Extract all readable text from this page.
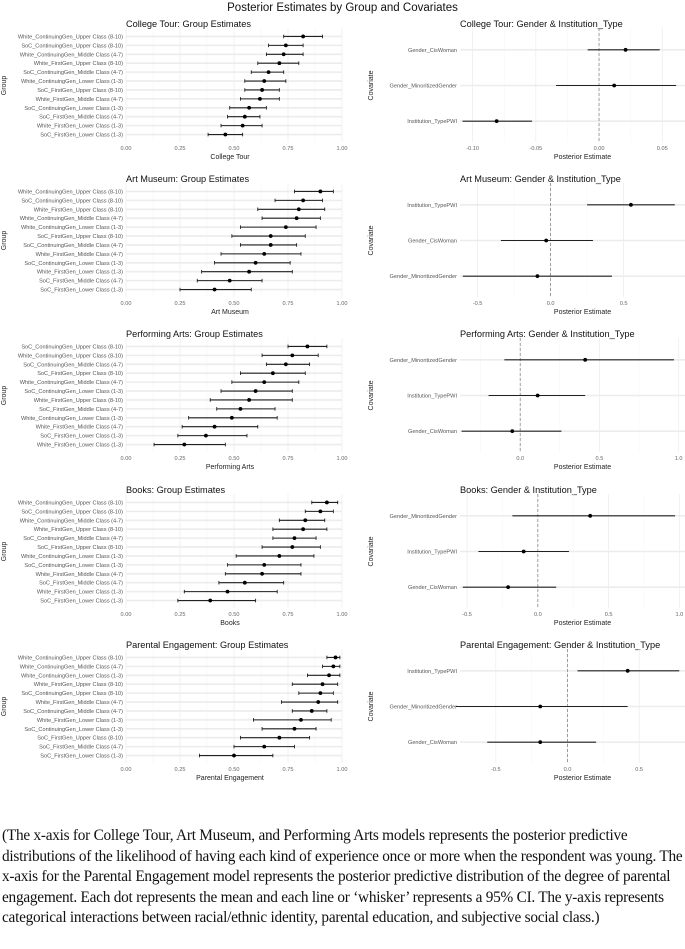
Posterior Estimates by Group and Covariates
College Tour: Group Estimates
0.00	0.25	0.50	0.75	1.00
White_ContinuingGen_Upper Class (8-10)
SoC_ContinuingGen_Upper Class (8-10)
White_ContinuingGen_Middle Class (4-7)
White_FirstGen_Upper Class (8-10)
SoC_ContinuingGen_Middle Class (4-7)
White_ContinuingGen_Lower Class (1-3)
SoC_FirstGen_Upper Class (8-10)
White_FirstGen_Middle Class (4-7)
SoC_ContinuingGen_Lower Class (1-3)
SoC_FirstGen_Middle Class (4-7)
White_FirstGen_Lower Class (1-3)
SoC_FirstGen_Lower Class (1-3)
College Tour
Group
College Tour: Gender & Institution_Type
-0.10	-0.05	0.00	0.05
Gender_CisWoman
Gender_MinoritizedGender
Institution_TypePWI
Posterior Estimate
Covariate
Art Museum: Group Estimates
0.00	0.25	0.50	0.75	1.00
White_ContinuingGen_Upper Class (8-10)
SoC_ContinuingGen_Upper Class (8-10)
White_FirstGen_Upper Class (8-10)
White_ContinuingGen_Middle Class (4-7)
White_ContinuingGen_Lower Class (1-3)
SoC_FirstGen_Upper Class (8-10)
SoC_ContinuingGen_Middle Class (4-7)
White_FirstGen_Middle Class (4-7)
SoC_ContinuingGen_Lower Class (1-3)
White_FirstGen_Lower Class (1-3)
SoC_FirstGen_Middle Class (4-7)
SoC_FirstGen_Lower Class (1-3)
Art Museum
Group
Art Museum: Gender & Institution_Type
-0.5	0.0	0.5
Institution_TypePWI
Gender_CisWoman
Gender_MinoritizedGender
Posterior Estimate
Covariate
Performing Arts: Group Estimates
0.00	0.25	0.50	0.75	1.00
SoC_ContinuingGen_Upper Class (8-10)
White_ContinuingGen_Upper Class (8-10)
SoC_ContinuingGen_Middle Class (4-7)
SoC_FirstGen_Upper Class (8-10)
White_ContinuingGen_Middle Class (4-7)
SoC_ContinuingGen_Lower Class (1-3)
White_FirstGen_Upper Class (8-10)
SoC_FirstGen_Middle Class (4-7)
White_ContinuingGen_Lower Class (1-3)
White_FirstGen_Middle Class (4-7)
SoC_FirstGen_Lower Class (1-3)
White_FirstGen_Lower Class (1-3)
Performing Arts
Group
Performing Arts: Gender & Institution_Type
0.0	0.5	1.0
Gender_MinoritizedGender
Institution_TypePWI
Gender_CisWoman
Posterior Estimate
Covariate
Books: Group Estimates
0.00	0.25	0.50	0.75	1.00
White_ContinuingGen_Upper Class (8-10)
SoC_ContinuingGen_Upper Class (8-10)
White_ContinuingGen_Middle Class (4-7)
White_FirstGen_Upper Class (8-10)
SoC_ContinuingGen_Middle Class (4-7)
SoC_FirstGen_Upper Class (8-10)
White_ContinuingGen_Lower Class (1-3)
SoC_ContinuingGen_Lower Class (1-3)
White_FirstGen_Middle Class (4-7)
SoC_FirstGen_Middle Class (4-7)
White_FirstGen_Lower Class (1-3)
SoC_FirstGen_Lower Class (1-3)
Books
Group
Books: Gender & Institution_Type
-0.5	0.0	0.5	1.0
Gender_MinoritizedGender
Institution_TypePWI
Gender_CisWoman
Posterior Estimate
Covariate
Parental Engagement: Group Estimates
0.00	0.25	0.50	0.75	1.00
White_ContinuingGen_Upper Class (8-10)
White_ContinuingGen_Middle Class (4-7)
White_ContinuingGen_Lower Class (1-3)
White_FirstGen_Upper Class (8-10)
SoC_ContinuingGen_Upper Class (8-10)
White_FirstGen_Middle Class (4-7)
SoC_ContinuingGen_Middle Class (4-7)
White_FirstGen_Lower Class (1-3)
SoC_ContinuingGen_Lower Class (1-3)
SoC_FirstGen_Upper Class (8-10)
SoC_FirstGen_Middle Class (4-7)
SoC_FirstGen_Lower Class (1-3)
Parental Engagement
Group
Parental Engagement: Gender & Institution_Type
-0.5	0.0	0.5
Institution_TypePWI
Gender_MinoritizedGender
Gender_CisWoman
Posterior Estimate
Covariate
(The x-axis for College Tour, Art Museum, and Performing Arts models represents the posterior predictive distributions of the likelihood of having each kind of experience once or more when the respondent was young. The x-axis for the Parental Engagement model represents the posterior predictive distribution of the degree of parental engagement. Each dot represents the mean and each line or ‘whisker’ represents a 95% CI. The y-axis represents categorical interactions between racial/ethnic identity, parental education, and subjective social class.)
